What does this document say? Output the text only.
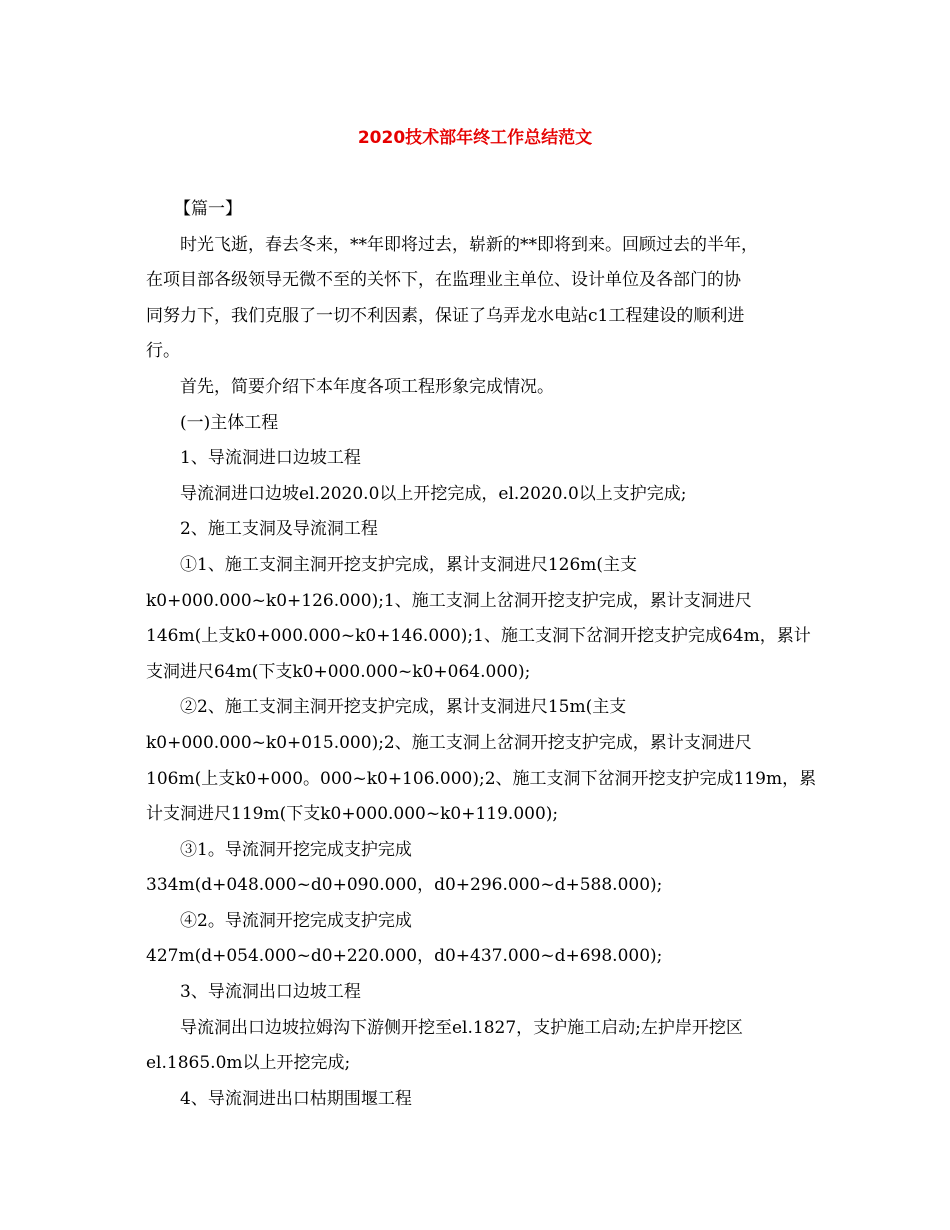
2020技术部年终工作总结范文
【篇一】
时光飞逝，春去冬来，**年即将过去，崭新的**即将到来。回顾过去的半年，
在项目部各级领导无微不至的关怀下，在监理业主单位、设计单位及各部门的协
同努力下，我们克服了一切不利因素，保证了乌弄龙水电站c1工程建设的顺利进
行。
首先，简要介绍下本年度各项工程形象完成情况。
(一)主体工程
1、导流洞进口边坡工程
导流洞进口边坡el.2020.0以上开挖完成，el.2020.0以上支护完成;
2、施工支洞及导流洞工程
①1、施工支洞主洞开挖支护完成，累计支洞进尺126m(主支
k0+000.000~k0+126.000);1、施工支洞上岔洞开挖支护完成，累计支洞进尺
146m(上支k0+000.000~k0+146.000);1、施工支洞下岔洞开挖支护完成64m，累计
支洞进尺64m(下支k0+000.000~k0+064.000);
②2、施工支洞主洞开挖支护完成，累计支洞进尺15m(主支
k0+000.000~k0+015.000);2、施工支洞上岔洞开挖支护完成，累计支洞进尺
106m(上支k0+000。000~k0+106.000);2、施工支洞下岔洞开挖支护完成119m，累
计支洞进尺119m(下支k0+000.000~k0+119.000);
③1。导流洞开挖完成支护完成
334m(d+048.000~d0+090.000，d0+296.000~d+588.000);
④2。导流洞开挖完成支护完成
427m(d+054.000~d0+220.000，d0+437.000~d+698.000);
3、导流洞出口边坡工程
导流洞出口边坡拉姆沟下游侧开挖至el.1827，支护施工启动;左护岸开挖区
el.1865.0m以上开挖完成;
4、导流洞进出口枯期围堰工程
